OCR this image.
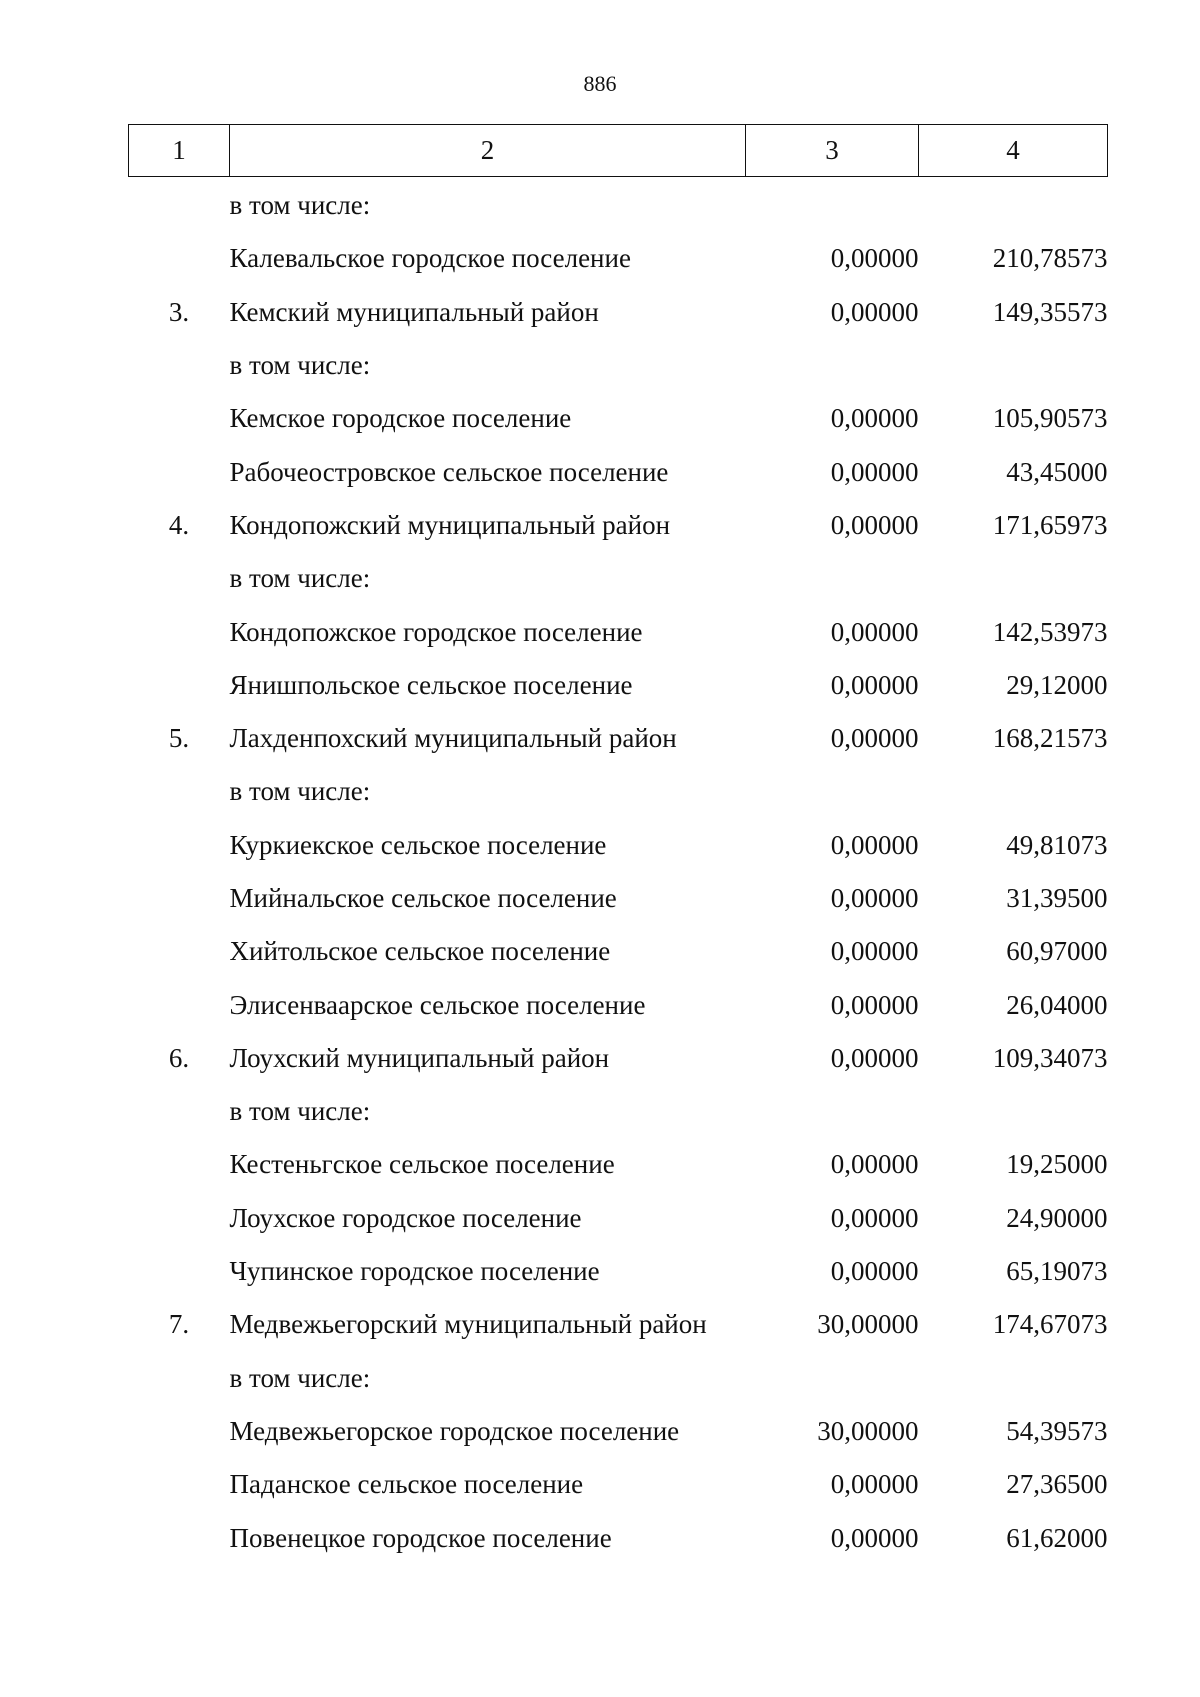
886
1	2	3	4
	в том числе:		
	Калевальское городское поселение	0,00000	210,78573
3.	Кемский муниципальный район	0,00000	149,35573
	в том числе:		
	Кемское городское поселение	0,00000	105,90573
	Рабочеостровское сельское поселение	0,00000	43,45000
4.	Кондопожский муниципальный район	0,00000	171,65973
	в том числе:		
	Кондопожское городское поселение	0,00000	142,53973
	Янишпольское сельское поселение	0,00000	29,12000
5.	Лахденпохский муниципальный район	0,00000	168,21573
	в том числе:		
	Куркиекское сельское поселение	0,00000	49,81073
	Мийнальское сельское поселение	0,00000	31,39500
	Хийтольское сельское поселение	0,00000	60,97000
	Элисенваарское сельское поселение	0,00000	26,04000
6.	Лоухский муниципальный район	0,00000	109,34073
	в том числе:		
	Кестеньгское сельское поселение	0,00000	19,25000
	Лоухское городское поселение	0,00000	24,90000
	Чупинское городское поселение	0,00000	65,19073
7.	Медвежьегорский муниципальный район	30,00000	174,67073
	в том числе:		
	Медвежьегорское городское поселение	30,00000	54,39573
	Паданское сельское поселение	0,00000	27,36500
	Повенецкое городское поселение	0,00000	61,62000
